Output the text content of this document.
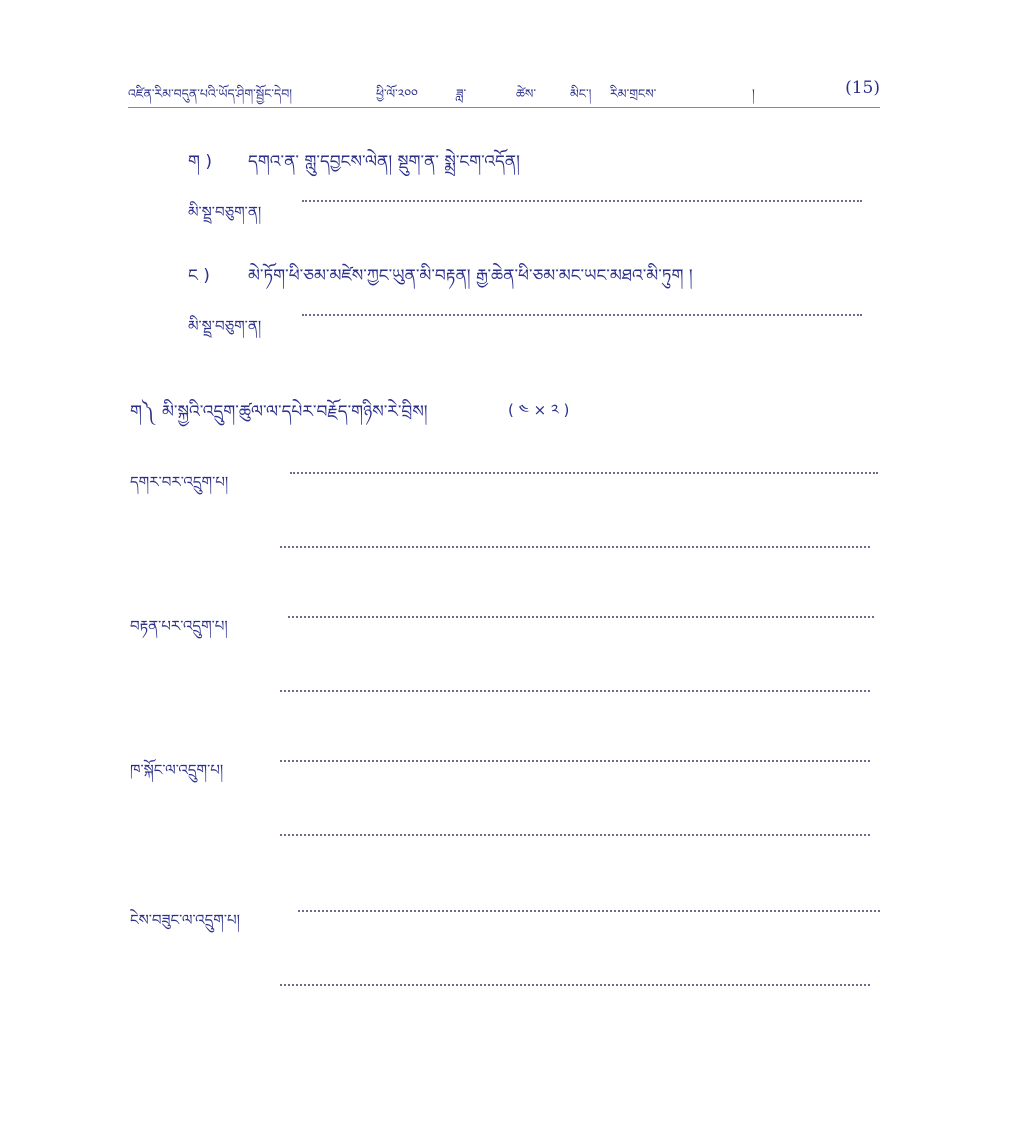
འཛིན་རིམ་བདུན་པའི་ཡོད་ཤིག་སྦྱོང་དེབ།	ཕྱི་ལོ་༢༠༠	ཟླ་	ཚེས་	མིང་། རིམ་གྲངས་	།	(15)
ག ) དགའ་ན་ གླུ་དབྱངས་ལེན། སྡུག་ན་ སྨྲེ་ངག་འདོན།
མི་སྡྲ་བཅུག་ན།
ང ) མེ་ཏོག་ཕི་ཅམ་མཛེས་ཀྱང་ཡུན་མི་བརྟན། རྒྱ་ཆེན་ཕི་ཅམ་མང་ཡང་མཐའ་མི་ཏུག །
མི་སྡྲ་བཅུག་ན།
ག༽ མི་སྐྱའི་འདྲུག་ཚུལ་ལ་དཔེར་བརྗོད་གཉིས་རེ་བྲིས།	( ༤ × ༢ )
དགར་བར་འདྲུག་པ།
བརྟན་པར་འདྲུག་པ།
ཁ་སྐོང་ལ་འདྲུག་པ།
ངེས་བཟུང་ལ་འདྲུག་པ།
